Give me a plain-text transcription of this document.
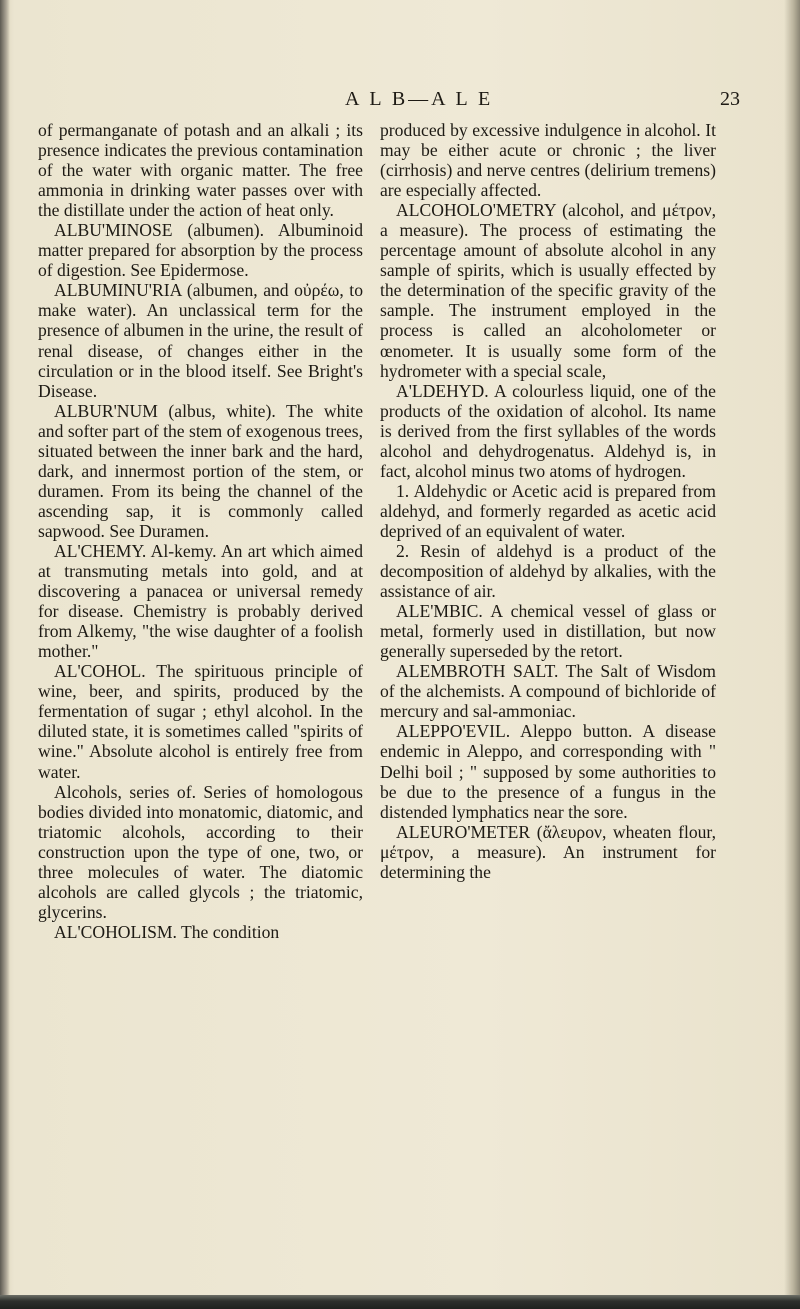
A L B—A L E	23

of permanganate of potash and an alkali ; its presence indicates the previous contamination of the water with organic matter. The free ammonia in drinking water passes over with the distillate under the action of heat only.

ALBU'MINOSE (albumen). Albuminoid matter prepared for absorption by the process of digestion. See Epidermose.

ALBUMINU'RIA (albumen, and οὐρέω, to make water). An unclassical term for the presence of albumen in the urine, the result of renal disease, of changes either in the circulation or in the blood itself. See Bright's Disease.

ALBUR'NUM (albus, white). The white and softer part of the stem of exogenous trees, situated between the inner bark and the hard, dark, and innermost portion of the stem, or duramen. From its being the channel of the ascending sap, it is commonly called sapwood. See Duramen.

AL'CHEMY. Al-kemy. An art which aimed at transmuting metals into gold, and at discovering a panacea or universal remedy for disease. Chemistry is probably derived from Alkemy, "the wise daughter of a foolish mother."

AL'COHOL. The spirituous principle of wine, beer, and spirits, produced by the fermentation of sugar ; ethyl alcohol. In the diluted state, it is sometimes called "spirits of wine." Absolute alcohol is entirely free from water.

Alcohols, series of. Series of homologous bodies divided into monatomic, diatomic, and triatomic alcohols, according to their construction upon the type of one, two, or three molecules of water. The diatomic alcohols are called glycols ; the triatomic, glycerins.

AL'COHOLISM. The condition

produced by excessive indulgence in alcohol. It may be either acute or chronic ; the liver (cirrhosis) and nerve centres (delirium tremens) are especially affected.

ALCOHOLO'METRY (alcohol, and μέτρον, a measure). The process of estimating the percentage amount of absolute alcohol in any sample of spirits, which is usually effected by the determination of the specific gravity of the sample. The instrument employed in the process is called an alcoholometer or œnometer. It is usually some form of the hydrometer with a special scale,

A'LDEHYD. A colourless liquid, one of the products of the oxidation of alcohol. Its name is derived from the first syllables of the words alcohol and dehydrogenatus. Aldehyd is, in fact, alcohol minus two atoms of hydrogen.

1. Aldehydic or Acetic acid is prepared from aldehyd, and formerly regarded as acetic acid deprived of an equivalent of water.

2. Resin of aldehyd is a product of the decomposition of aldehyd by alkalies, with the assistance of air.

ALE'MBIC. A chemical vessel of glass or metal, formerly used in distillation, but now generally superseded by the retort.

ALEMBROTH SALT. The Salt of Wisdom of the alchemists. A compound of bichloride of mercury and sal-ammoniac.

ALEPPO'EVIL. Aleppo button. A disease endemic in Aleppo, and corresponding with " Delhi boil ; " supposed by some authorities to be due to the presence of a fungus in the distended lymphatics near the sore.

ALEURO'METER (ἄλευρον, wheaten flour, μέτρον, a measure). An instrument for determining the
